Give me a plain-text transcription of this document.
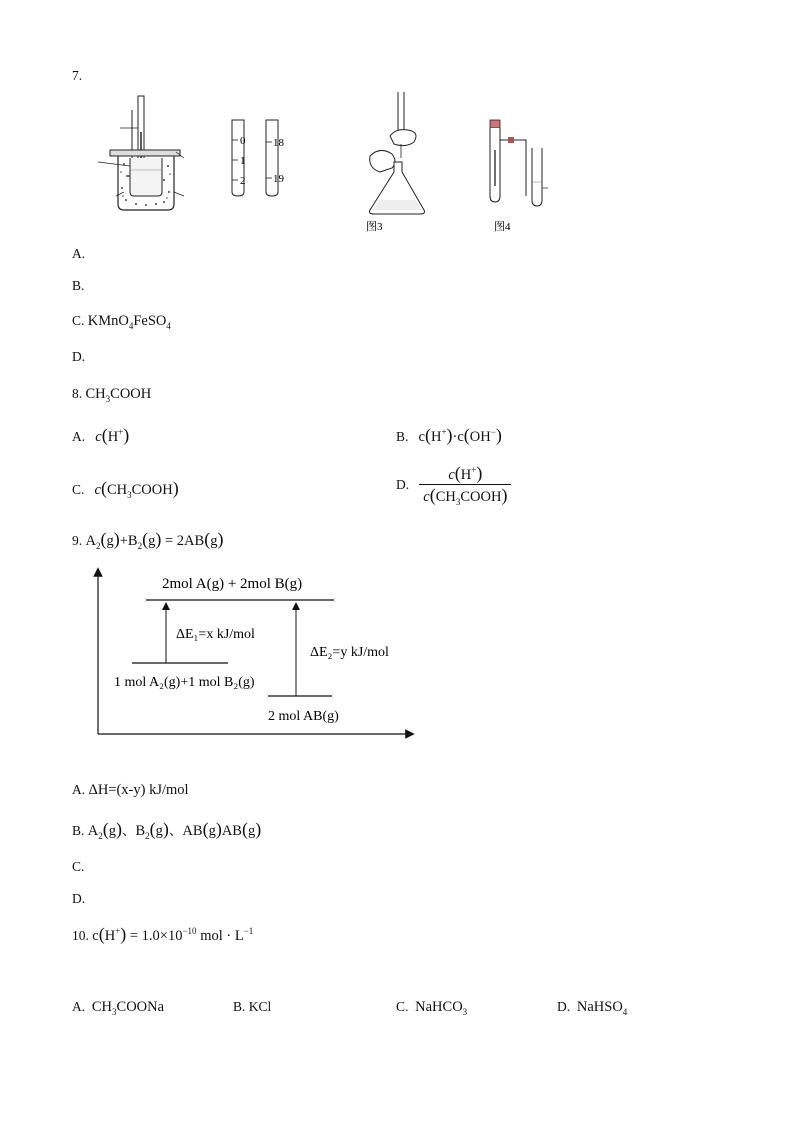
7.
0
1
2
18
19
图3	图4
A.
B.
C. KMnO$_4$FeSO$_4$
D.
8. $CH_3COOH$
A. c(H+)	B. c(H+)·c(OH−)
C. $c(CH_3COOH)$	D. $\frac{c(H^+)}{c(CH_3COOH)}$
9. $A_2(g)+B_2(g) = 2AB(g)$
2mol A(g) + 2mol B(g)
ΔE₁=x kJ/mol
ΔE₂=y kJ/mol
1 mol A₂(g)+1 mol B₂(g)
2 mol AB(g)
A. ΔH=(x-y) kJ/mol
B. $A_2(g)$、$B_2(g)$、AB(g)AB(g)
C.
D.
10. $c(H^+) = 1.0\times 10^{-10}$ mol · $L^{-1}$
A. $CH_3COONa$	B. KCl	C. NaHCO$_3$	D. NaHSO$_4$
